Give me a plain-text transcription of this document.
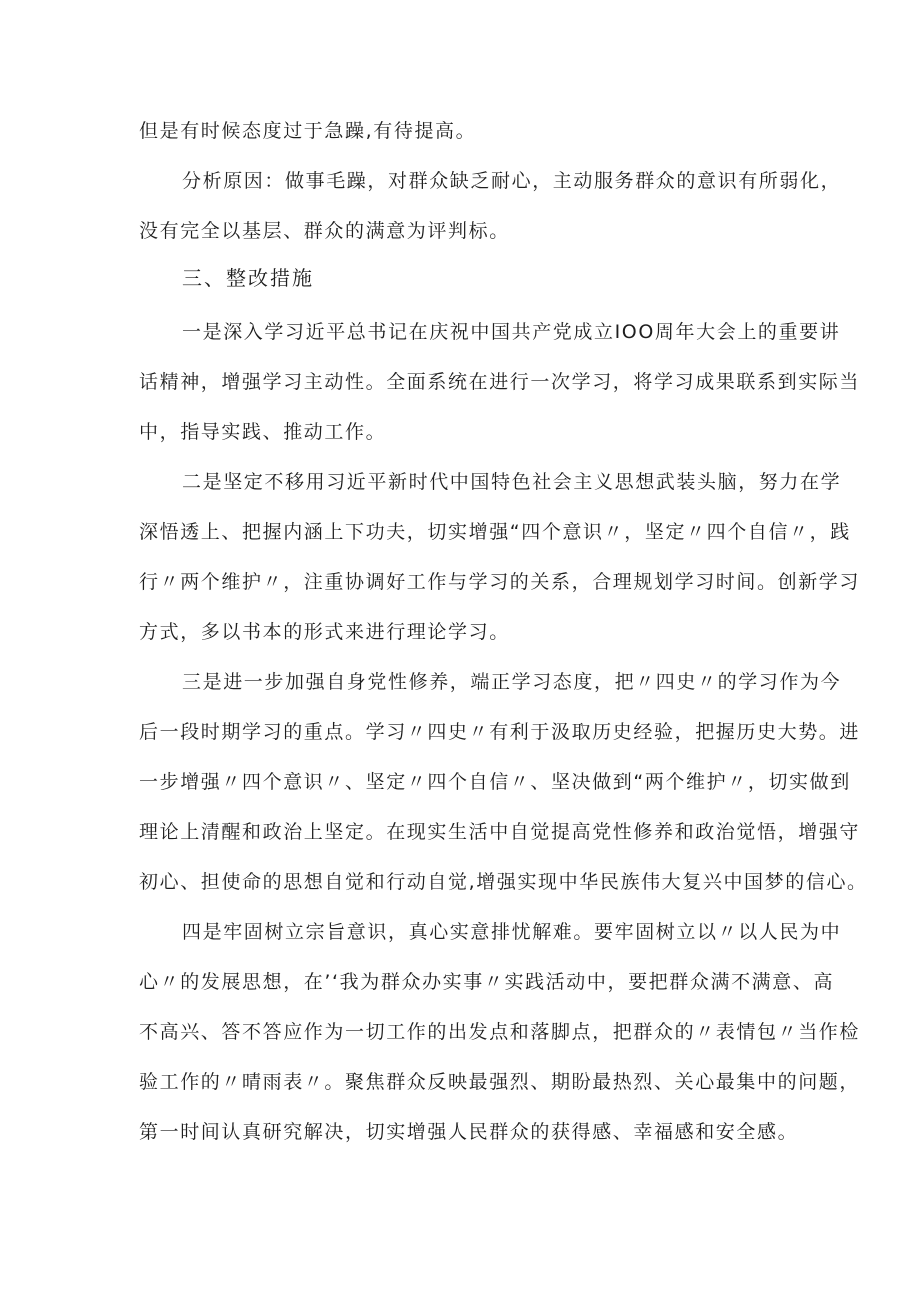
但是有时候态度过于急躁,有待提高。
分析原因：做事毛躁，对群众缺乏耐心，主动服务群众的意识有所弱化，
没有完全以基层、群众的满意为评判标。
三、整改措施
一是深入学习近平总书记在庆祝中国共产党成立IOO周年大会上的重要讲
话精神，增强学习主动性。全面系统在进行一次学习，将学习成果联系到实际当
中，指导实践、推动工作。
二是坚定不移用习近平新时代中国特色社会主义思想武装头脑，努力在学
深悟透上、把握内涵上下功夫，切实增强“四个意识〃，坚定〃四个自信〃，践
行〃两个维护〃，注重协调好工作与学习的关系，合理规划学习时间。创新学习
方式，多以书本的形式来进行理论学习。
三是进一步加强自身党性修养，端正学习态度，把〃四史〃的学习作为今
后一段时期学习的重点。学习〃四史〃有利于汲取历史经验，把握历史大势。进
一步增强〃四个意识〃、坚定〃四个自信〃、坚决做到“两个维护〃，切实做到
理论上清醒和政治上坚定。在现实生活中自觉提高党性修养和政治觉悟，增强守
初心、担使命的思想自觉和行动自觉,增强实现中华民族伟大复兴中国梦的信心。
四是牢固树立宗旨意识，真心实意排忧解难。要牢固树立以〃以人民为中
心〃的发展思想，在’‘我为群众办实事〃实践活动中，要把群众满不满意、高
不高兴、答不答应作为一切工作的出发点和落脚点，把群众的〃表情包〃当作检
验工作的〃晴雨表〃。聚焦群众反映最强烈、期盼最热烈、关心最集中的问题，
第一时间认真研究解决，切实增强人民群众的获得感、幸福感和安全感。
